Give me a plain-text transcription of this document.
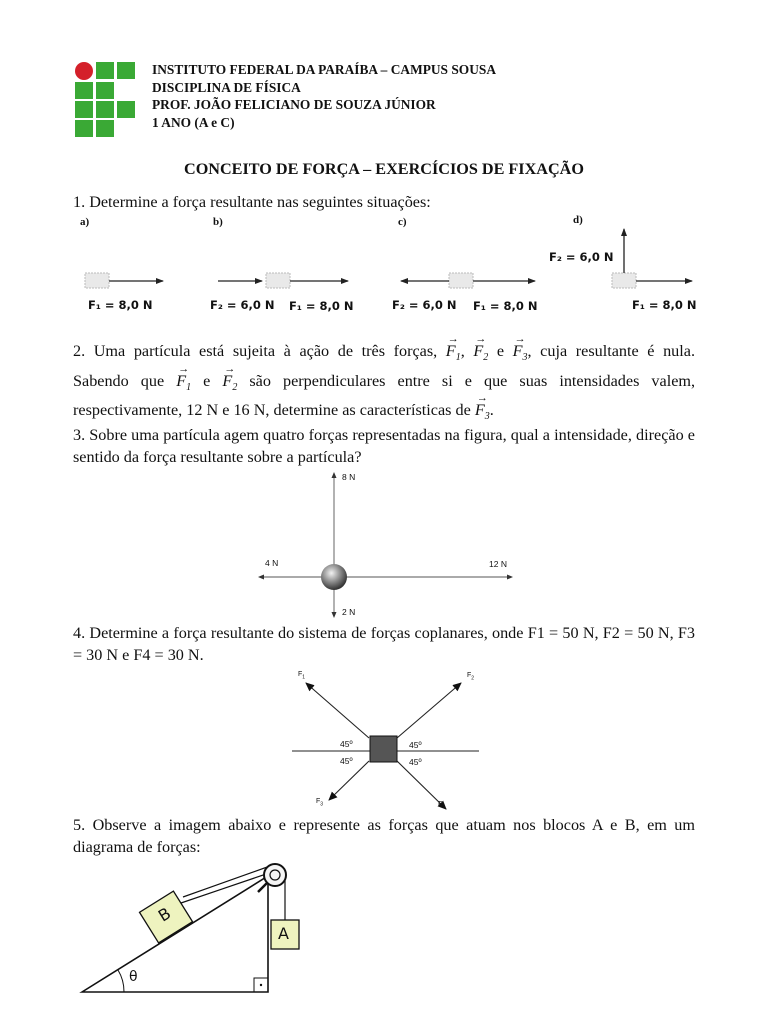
INSTITUTO FEDERAL DA PARAÍBA – CAMPUS SOUSA
DISCIPLINA DE FÍSICA
PROF. JOÃO FELICIANO DE SOUZA JÚNIOR
1 ANO (A e C)
CONCEITO DE FORÇA – EXERCÍCIOS DE FIXAÇÃO
1. Determine a força resultante nas seguintes situações:
a)	b)	c)	d)
F₁ = 8,0 N	F₂ = 6,0 N F₁ = 8,0 N	F₂ = 6,0 N F₁ = 8,0 N
F₂ = 6,0 N
F₁ = 8,0 N
2. Uma partícula está sujeita à ação de três forças,
→
$F_1$,
→
$F_2$ e
→
$F_3$, cuja resultante é nula.
Sabendo que
→
$F_1$ e
→
$F_2$ são perpendiculares entre si e que suas intensidades valem,
respectivamente, 12 N e 16 N, determine as características de
→
$F_3$.
3. Sobre uma partícula agem quatro forças representadas na figura, qual a intensidade, direção e sentido da força resultante sobre a partícula?
8 N
4 N	12 N
2 N
4. Determine a força resultante do sistema de forças coplanares, onde F1 = 50 N, F2 = 50 N, F3 = 30 N e F4 = 30 N.
$F_1$	$F_2$
$F_3$	$F_4$
45º	45º
45º	45º
5. Observe a imagem abaixo e represente as forças que atuam nos blocos A e B, em um diagrama de forças:
B
A
θ
